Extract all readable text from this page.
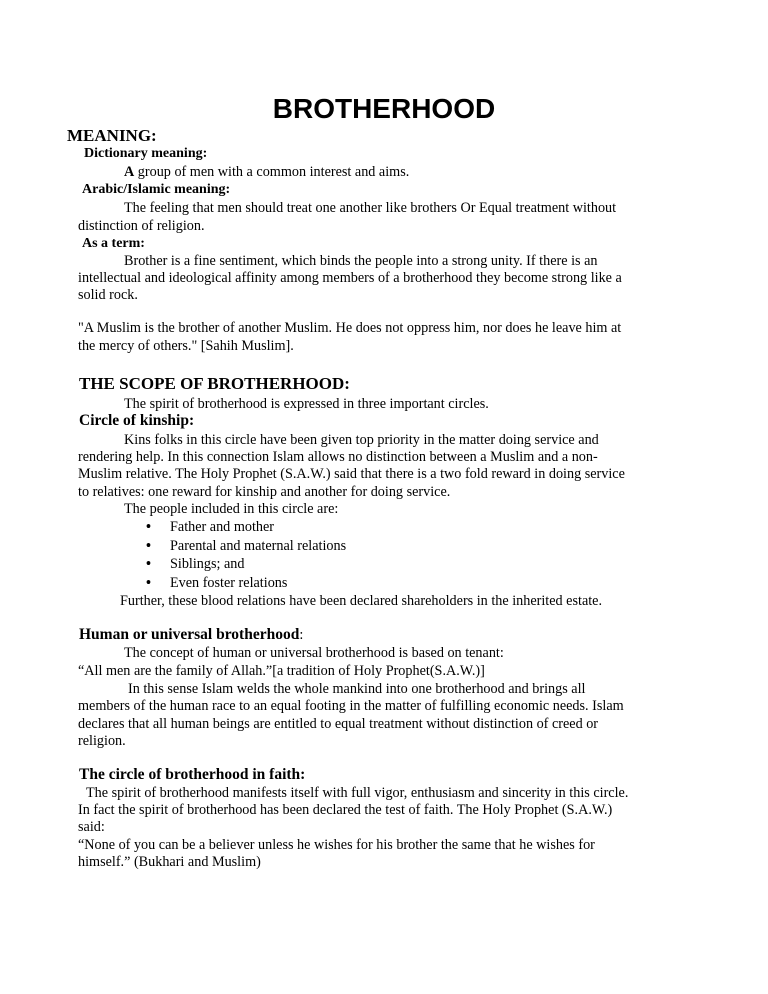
BROTHERHOOD
MEANING:
Dictionary meaning:
A group of men with a common interest and aims.
Arabic/Islamic meaning:
The feeling that men should treat one another like brothers Or Equal treatment without
distinction of religion.
As a term:
Brother is a fine sentiment, which binds the people into a strong unity. If there is an
intellectual and ideological affinity among members of a brotherhood they become strong like a
solid rock.
"A Muslim is the brother of another Muslim. He does not oppress him, nor does he leave him at
the mercy of others." [Sahih Muslim].
THE SCOPE OF BROTHERHOOD:
The spirit of brotherhood is expressed in three important circles.
Circle of kinship:
Kins folks in this circle have been given top priority in the matter doing service and
rendering help. In this connection Islam allows no distinction between a Muslim and a non-
Muslim relative. The Holy Prophet (S.A.W.) said that there is a two fold reward in doing service
to relatives: one reward for kinship and another for doing service.
The people included in this circle are:
• Father and mother
• Parental and maternal relations
• Siblings; and
• Even foster relations
Further, these blood relations have been declared shareholders in the inherited estate.
Human or universal brotherhood:
The concept of human or universal brotherhood is based on tenant:
“All men are the family of Allah.”[a tradition of Holy Prophet(S.A.W.)]
In this sense Islam welds the whole mankind into one brotherhood and brings all
members of the human race to an equal footing in the matter of fulfilling economic needs. Islam
declares that all human beings are entitled to equal treatment without distinction of creed or
religion.
The circle of brotherhood in faith:
The spirit of brotherhood manifests itself with full vigor, enthusiasm and sincerity in this circle.
In fact the spirit of brotherhood has been declared the test of faith. The Holy Prophet (S.A.W.)
said:
“None of you can be a believer unless he wishes for his brother the same that he wishes for
himself.” (Bukhari and Muslim)
